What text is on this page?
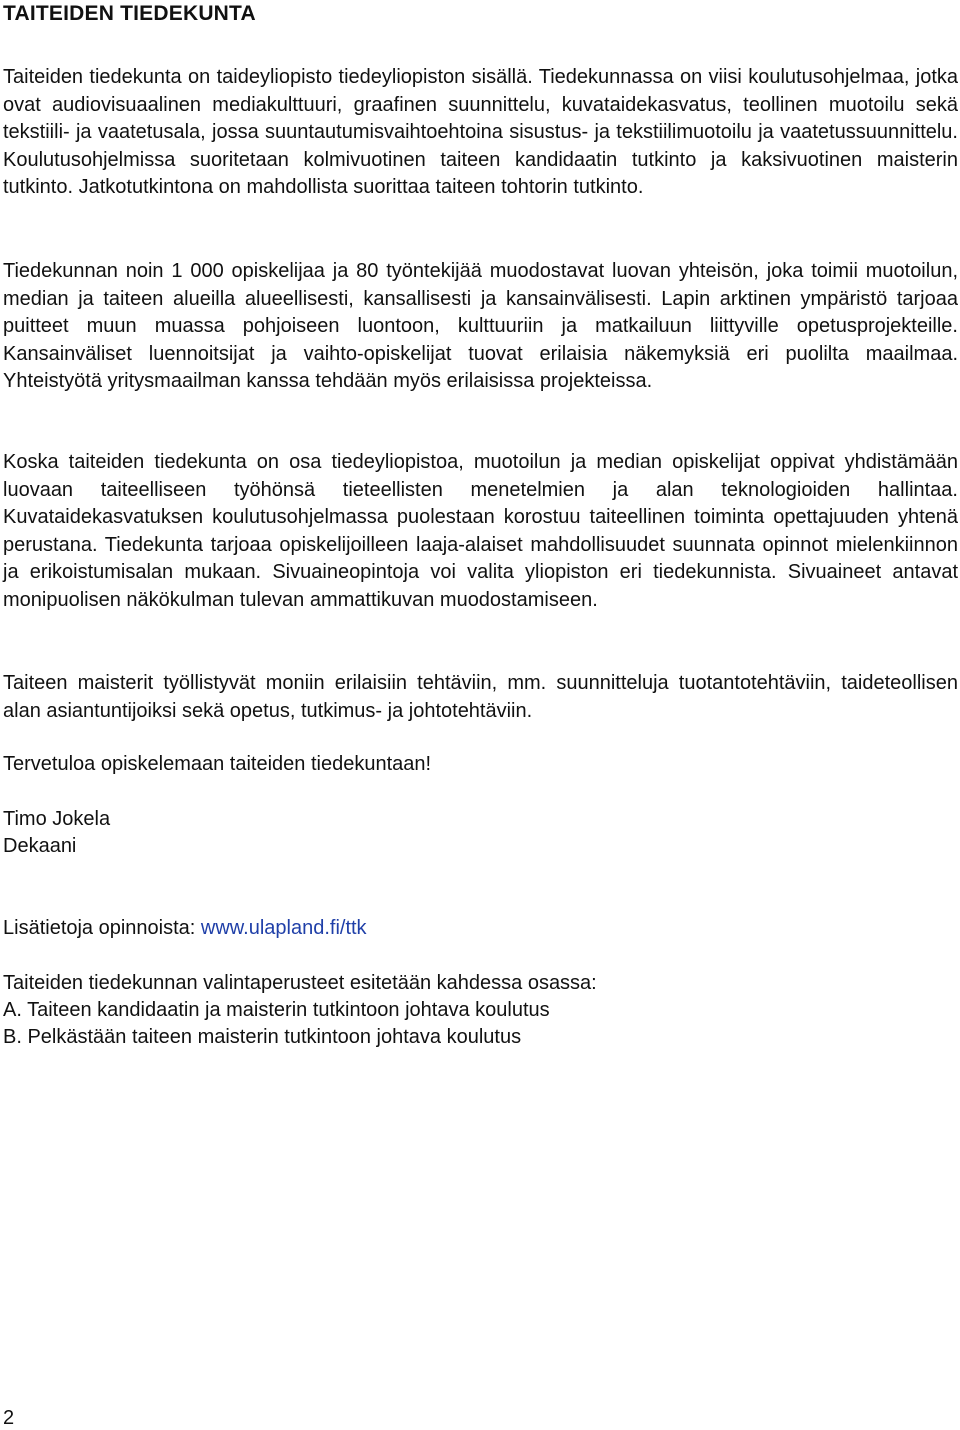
TAITEIDEN TIEDEKUNTA

Taiteiden tiedekunta on taideyliopisto tiedeyliopiston sisällä. Tiedekunnassa on viisi koulutusohjelmaa, jotka ovat audiovisuaalinen mediakulttuuri, graafinen suunnittelu, kuvataidekasvatus, teollinen muotoilu sekä tekstiili- ja vaatetusala, jossa suuntautumisvaihtoehtoina sisustus- ja tekstiilimuotoilu ja vaatetussuunnittelu. Koulutusohjelmissa suoritetaan kolmivuotinen taiteen kandidaatin tutkinto ja kaksivuotinen maisterin tutkinto. Jatkotutkintona on mahdollista suorittaa taiteen tohtorin tutkinto.

Tiedekunnan noin 1 000 opiskelijaa ja 80 työntekijää muodostavat luovan yhteisön, joka toimii muotoilun, median ja taiteen alueilla alueellisesti, kansallisesti ja kansainvälisesti. Lapin arktinen ympäristö tarjoaa puitteet muun muassa pohjoiseen luontoon, kulttuuriin ja matkailuun liittyville opetusprojekteille. Kansainväliset luennoitsijat ja vaihto-opiskelijat tuovat erilaisia näkemyksiä eri puolilta maailmaa. Yhteistyötä yritysmaailman kanssa tehdään myös erilaisissa projekteissa.

Koska taiteiden tiedekunta on osa tiedeyliopistoa, muotoilun ja median opiskelijat oppivat yhdistämään luovaan taiteelliseen työhönsä tieteellisten menetelmien ja alan teknologioiden hallintaa. Kuvataidekasvatuksen koulutusohjelmassa puolestaan korostuu taiteellinen toiminta opettajuuden yhtenä perustana. Tiedekunta tarjoaa opiskelijoilleen laaja-alaiset mahdollisuudet suunnata opinnot mielenkiinnon ja erikoistumisalan mukaan. Sivuaineopintoja voi valita yliopiston eri tiedekunnista. Sivuaineet antavat monipuolisen näkökulman tulevan ammattikuvan muodostamiseen.

Taiteen maisterit työllistyvät moniin erilaisiin tehtäviin, mm. suunnitteluja tuotantotehtäviin, taideteollisen alan asiantuntijoiksi sekä opetus, tutkimus- ja johtotehtäviin.

Tervetuloa opiskelemaan taiteiden tiedekuntaan!

Timo Jokela
Dekaani
Lisätietoja opinnoista: www.ulapland.fi/ttk
Taiteiden tiedekunnan valintaperusteet esitetään kahdessa osassa:
A. Taiteen kandidaatin ja maisterin tutkintoon johtava koulutus
B. Pelkästään taiteen maisterin tutkintoon johtava koulutus
2
